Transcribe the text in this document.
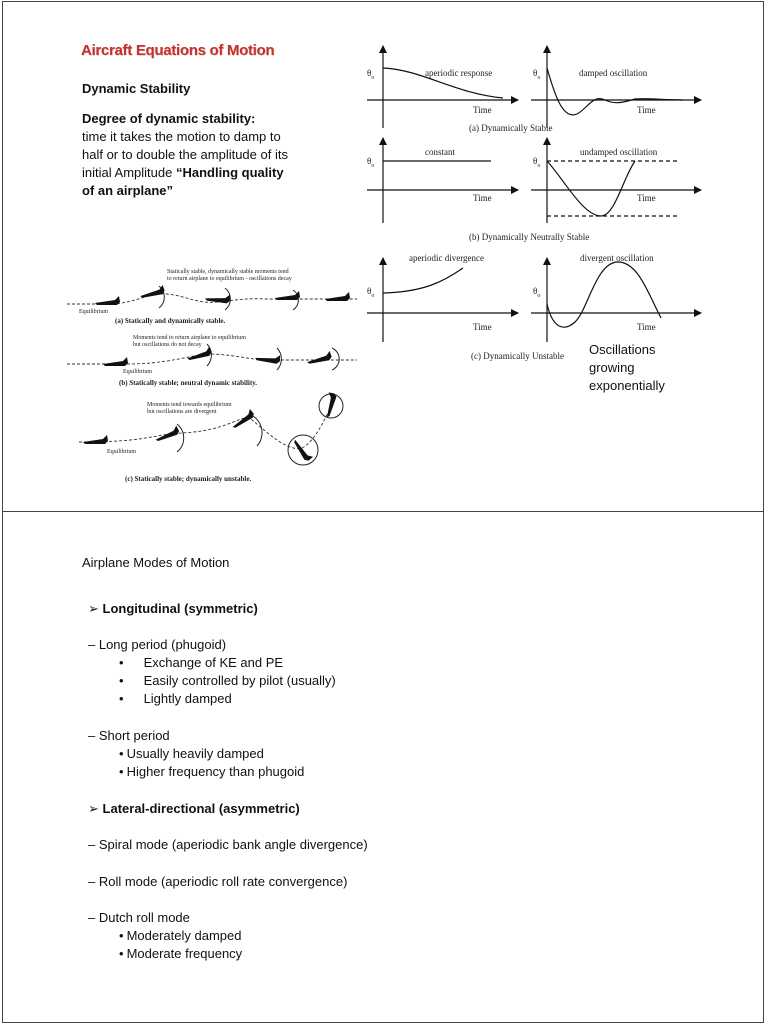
Aircraft Equations of Motion
Dynamic Stability
Degree of dynamic stability:
time it takes the motion to damp to half or to double the amplitude of its initial Amplitude “Handling quality of an airplane”
$\theta_o$	$\theta_o$
$\theta_o$	$\theta_o$
$\theta_o$	$\theta_o$
Time	Time
Time	Time
Time	Time
aperiodic response	damped oscillation
constant	undamped oscillation
aperiodic divergence	divergent oscillation
(a) Dynamically Stable
(b) Dynamically Neutrally Stable
(c) Dynamically Unstable Oscillations growing exponentially
Statically stable, dynamically stable moments tend
to return airplane to equilibrium - oscillations decay
Equilibrium
(a) Statically and dynamically stable.
Moments tend to return airplane to equilibrium
but oscillations do not decay
Equilibrium
(b) Statically stable; neutral dynamic stability.
Moments tend towards equilibrium
but oscillations are divergent
Equilibrium
(c) Statically stable; dynamically unstable.
Airplane Modes of Motion
➢ Longitudinal (symmetric)
– Long period (phugoid)
• Exchange of KE and PE
• Easily controlled by pilot (usually)
• Lightly damped
– Short period
• Usually heavily damped
• Higher frequency than phugoid
➢ Lateral-directional (asymmetric)
– Spiral mode (aperiodic bank angle divergence)
– Roll mode (aperiodic roll rate convergence)
– Dutch roll mode
• Moderately damped
• Moderate frequency
